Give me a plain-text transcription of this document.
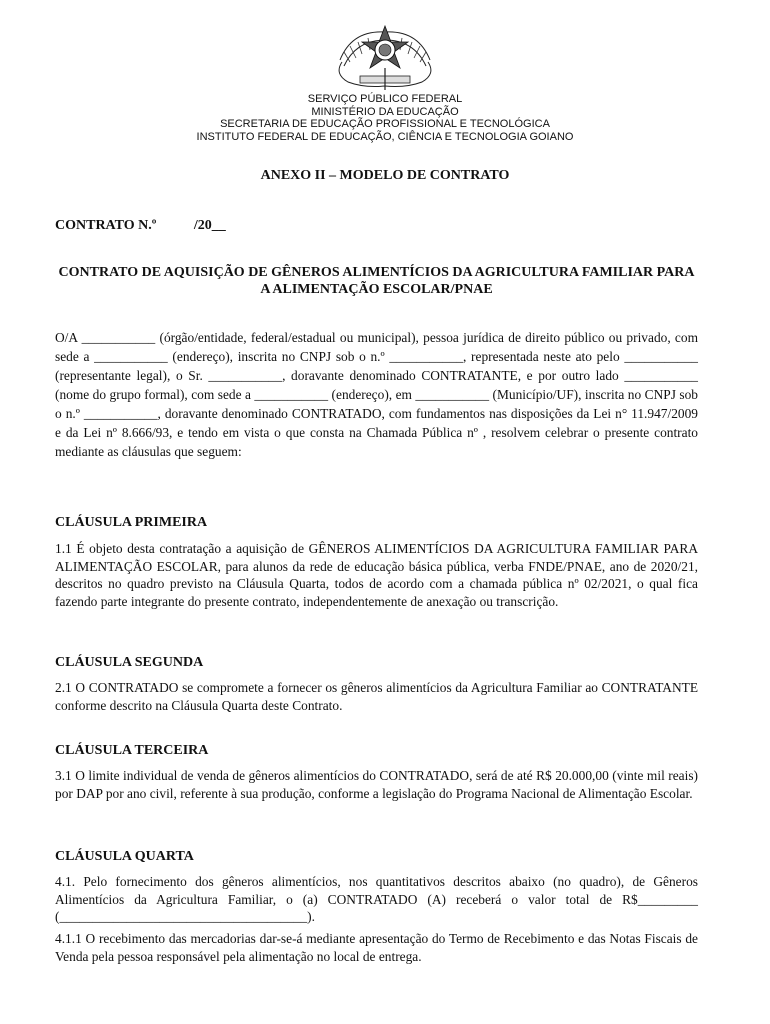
SERVIÇO PÚBLICO FEDERAL
MINISTÉRIO DA EDUCAÇÃO
SECRETARIA DE EDUCAÇÃO PROFISSIONAL E TECNOLÓGICA
INSTITUTO FEDERAL DE EDUCAÇÃO, CIÊNCIA E TECNOLOGIA GOIANO
ANEXO II – MODELO DE CONTRATO
CONTRATO N.º	/20__
CONTRATO DE AQUISIÇÃO DE GÊNEROS ALIMENTÍCIOS DA AGRICULTURA FAMILIAR PARA A ALIMENTAÇÃO ESCOLAR/PNAE
O/A ___________ (órgão/entidade, federal/estadual ou municipal), pessoa jurídica de direito público ou privado, com sede a ___________ (endereço), inscrita no CNPJ sob o n.º ___________, representada neste ato pelo ___________ (representante legal), o Sr. ___________, doravante denominado CONTRATANTE, e por outro lado ___________ (nome do grupo formal), com sede a ___________ (endereço), em ___________ (Município/UF), inscrita no CNPJ sob o n.º ___________, doravante denominado CONTRATADO, com fundamentos nas disposições da Lei n° 11.947/2009 e da Lei nº 8.666/93, e tendo em vista o que consta na Chamada Pública nº , resolvem celebrar o presente contrato mediante as cláusulas que seguem:
CLÁUSULA PRIMEIRA
1.1 É objeto desta contratação a aquisição de GÊNEROS ALIMENTÍCIOS DA AGRICULTURA FAMILIAR PARA ALIMENTAÇÃO ESCOLAR, para alunos da rede de educação básica pública, verba FNDE/PNAE, ano de 2020/21, descritos no quadro previsto na Cláusula Quarta, todos de acordo com a chamada pública nº 02/2021, o qual fica fazendo parte integrante do presente contrato, independentemente de anexação ou transcrição.
CLÁUSULA SEGUNDA
2.1 O CONTRATADO se compromete a fornecer os gêneros alimentícios da Agricultura Familiar ao CONTRATANTE conforme descrito na Cláusula Quarta deste Contrato.
CLÁUSULA TERCEIRA
3.1 O limite individual de venda de gêneros alimentícios do CONTRATADO, será de até R$ 20.000,00 (vinte mil reais) por DAP por ano civil, referente à sua produção, conforme a legislação do Programa Nacional de Alimentação Escolar.
CLÁUSULA QUARTA
4.1. Pelo fornecimento dos gêneros alimentícios, nos quantitativos descritos abaixo (no quadro), de Gêneros Alimentícios da Agricultura Familiar, o (a) CONTRATADO (A) receberá o valor total de R$_________ (_____________________________________).
4.1.1 O recebimento das mercadorias dar-se-á mediante apresentação do Termo de Recebimento e das Notas Fiscais de Venda pela pessoa responsável pela alimentação no local de entrega.
